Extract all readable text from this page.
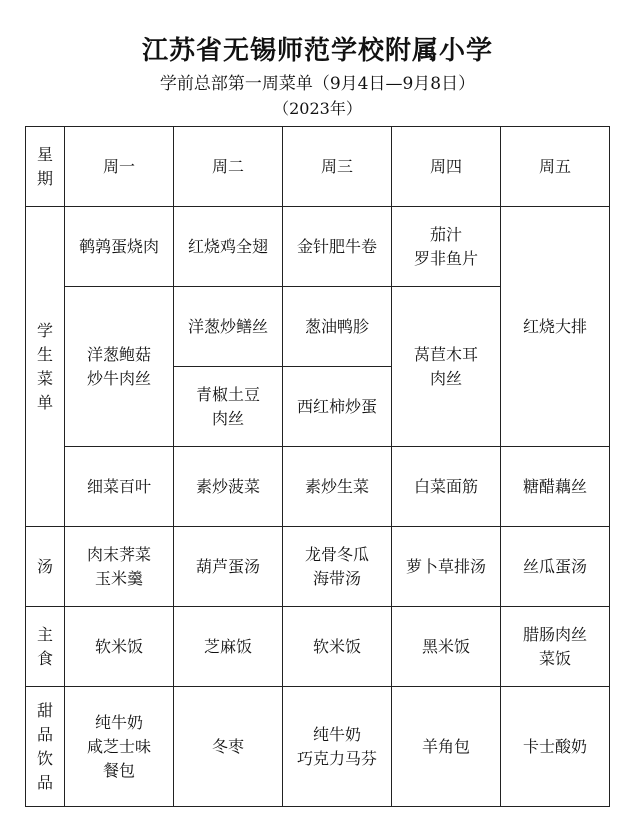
江苏省无锡师范学校附属小学
学前总部第一周菜单（9月4日—9月8日）
（2023年）
星
期	周一	周二	周三	周四	周五
学
生
菜
单	鹌鹑蛋烧肉	红烧鸡全翅	金针肥牛卷	茄汁
罗非鱼片	红烧大排
	洋葱鲍菇
炒牛肉丝	洋葱炒鳝丝	葱油鸭胗	莴苣木耳
肉丝	
		青椒土豆
肉丝	西红柿炒蛋		
	细菜百叶	素炒菠菜	素炒生菜	白菜面筋	糖醋藕丝
汤	肉末荠菜
玉米羹	葫芦蛋汤	龙骨冬瓜
海带汤	萝卜草排汤	丝瓜蛋汤
主
食	软米饭	芝麻饭	软米饭	黑米饭	腊肠肉丝
菜饭
甜
品
饮
品	纯牛奶
咸芝士味
餐包	冬枣	纯牛奶
巧克力马芬	羊角包	卡士酸奶
